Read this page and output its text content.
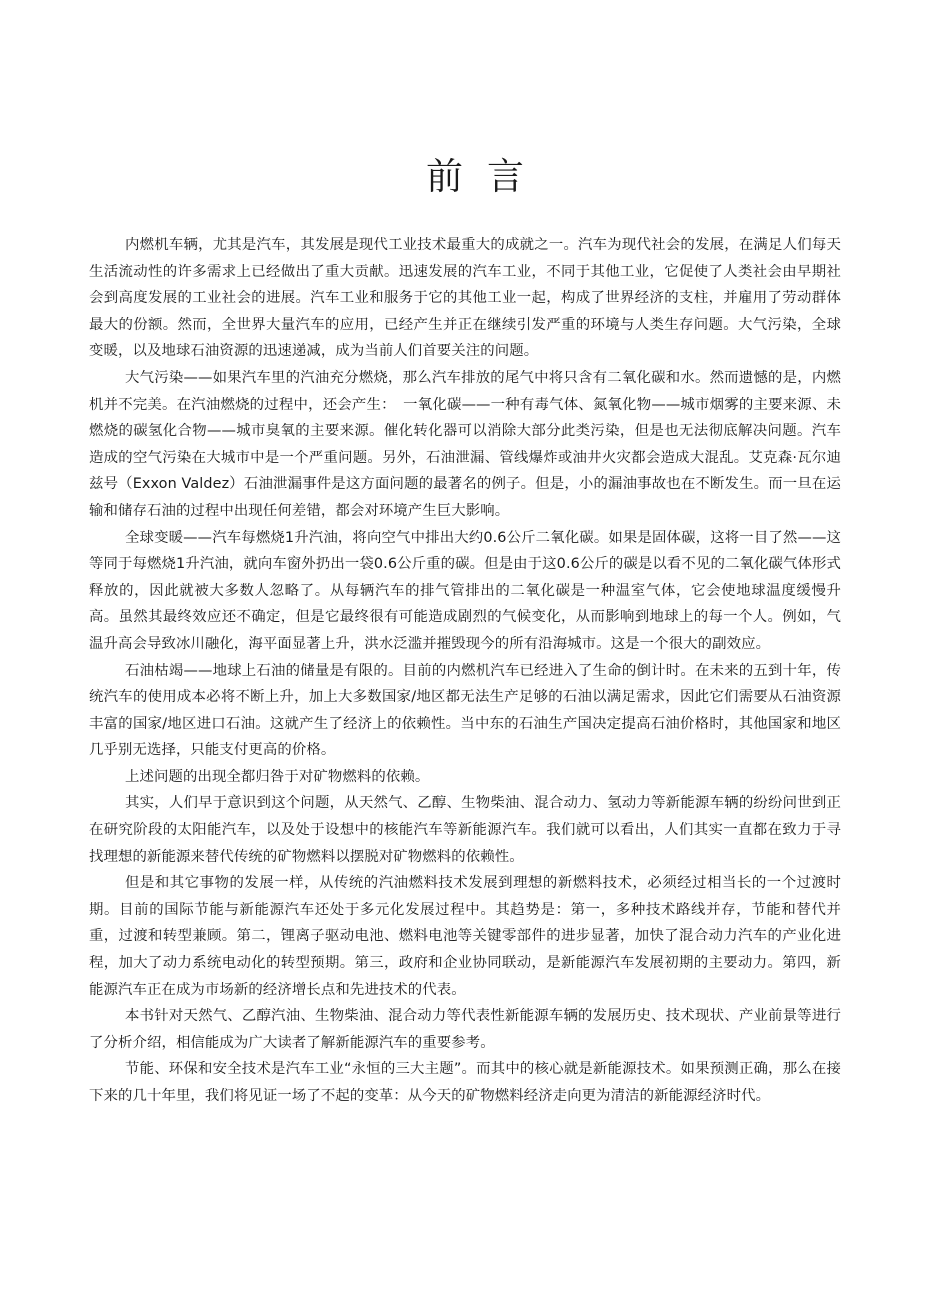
前言

内燃机车辆，尤其是汽车，其发展是现代工业技术最重大的成就之一。汽车为现代社会的发展，在满足人们每天生活流动性的许多需求上已经做出了重大贡献。迅速发展的汽车工业，不同于其他工业，它促使了人类社会由早期社会到高度发展的工业社会的进展。汽车工业和服务于它的其他工业一起，构成了世界经济的支柱，并雇用了劳动群体最大的份额。然而，全世界大量汽车的应用，已经产生并正在继续引发严重的环境与人类生存问题。大气污染，全球变暖，以及地球石油资源的迅速递减，成为当前人们首要关注的问题。

大气污染——如果汽车里的汽油充分燃烧，那么汽车排放的尾气中将只含有二氧化碳和水。然而遗憾的是，内燃机并不完美。在汽油燃烧的过程中，还会产生：　一氧化碳——一种有毒气体、氮氧化物——城市烟雾的主要来源、未燃烧的碳氢化合物——城市臭氧的主要来源。催化转化器可以消除大部分此类污染，但是也无法彻底解决问题。汽车造成的空气污染在大城市中是一个严重问题。另外，石油泄漏、管线爆炸或油井火灾都会造成大混乱。艾克森·瓦尔迪兹号（Exxon Valdez）石油泄漏事件是这方面问题的最著名的例子。但是，小的漏油事故也在不断发生。而一旦在运输和储存石油的过程中出现任何差错，都会对环境产生巨大影响。

全球变暖——汽车每燃烧1升汽油，将向空气中排出大约0.6公斤二氧化碳。如果是固体碳，这将一目了然——这等同于每燃烧1升汽油，就向车窗外扔出一袋0.6公斤重的碳。但是由于这0.6公斤的碳是以看不见的二氧化碳气体形式释放的，因此就被大多数人忽略了。从每辆汽车的排气管排出的二氧化碳是一种温室气体，它会使地球温度缓慢升高。虽然其最终效应还不确定，但是它最终很有可能造成剧烈的气候变化，从而影响到地球上的每一个人。例如，气温升高会导致冰川融化，海平面显著上升，洪水泛滥并摧毁现今的所有沿海城市。这是一个很大的副效应。

石油枯竭——地球上石油的储量是有限的。目前的内燃机汽车已经进入了生命的倒计时。在未来的五到十年，传统汽车的使用成本必将不断上升，加上大多数国家/地区都无法生产足够的石油以满足需求，因此它们需要从石油资源丰富的国家/地区进口石油。这就产生了经济上的依赖性。当中东的石油生产国决定提高石油价格时，其他国家和地区几乎别无选择，只能支付更高的价格。

上述问题的出现全都归咎于对矿物燃料的依赖。

其实，人们早于意识到这个问题，从天然气、乙醇、生物柴油、混合动力、氢动力等新能源车辆的纷纷问世到正在研究阶段的太阳能汽车，以及处于设想中的核能汽车等新能源汽车。我们就可以看出，人们其实一直都在致力于寻找理想的新能源来替代传统的矿物燃料以摆脱对矿物燃料的依赖性。

但是和其它事物的发展一样，从传统的汽油燃料技术发展到理想的新燃料技术，必须经过相当长的一个过渡时期。目前的国际节能与新能源汽车还处于多元化发展过程中。其趋势是：第一，多种技术路线并存，节能和替代并重，过渡和转型兼顾。第二，锂离子驱动电池、燃料电池等关键零部件的进步显著，加快了混合动力汽车的产业化进程，加大了动力系统电动化的转型预期。第三，政府和企业协同联动，是新能源汽车发展初期的主要动力。第四，新能源汽车正在成为市场新的经济增长点和先进技术的代表。

本书针对天然气、乙醇汽油、生物柴油、混合动力等代表性新能源车辆的发展历史、技术现状、产业前景等进行了分析介绍，相信能成为广大读者了解新能源汽车的重要参考。

节能、环保和安全技术是汽车工业“永恒的三大主题”。而其中的核心就是新能源技术。如果预测正确，那么在接下来的几十年里，我们将见证一场了不起的变革：从今天的矿物燃料经济走向更为清洁的新能源经济时代。
